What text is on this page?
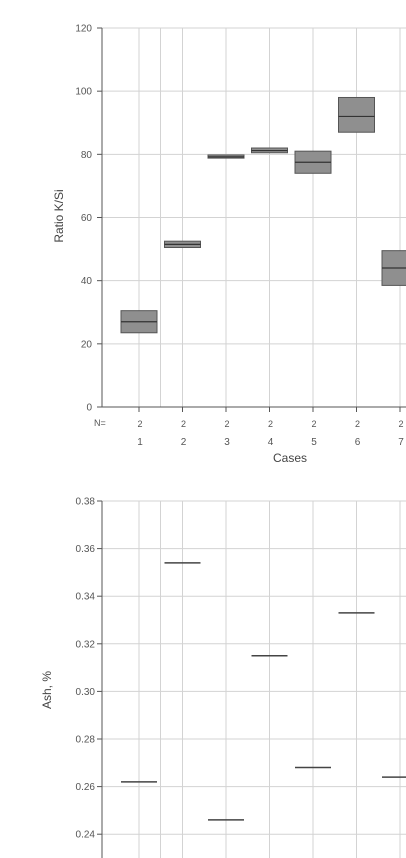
0
20
40
60
80
100
120
N=	2
1
2
2
2
3
2
4
2
5
2
6
2
7
Cases
Ratio K/Si
0.24
0.26
0.28
0.30
0.32
0.34
0.36
0.38
Ash, %
